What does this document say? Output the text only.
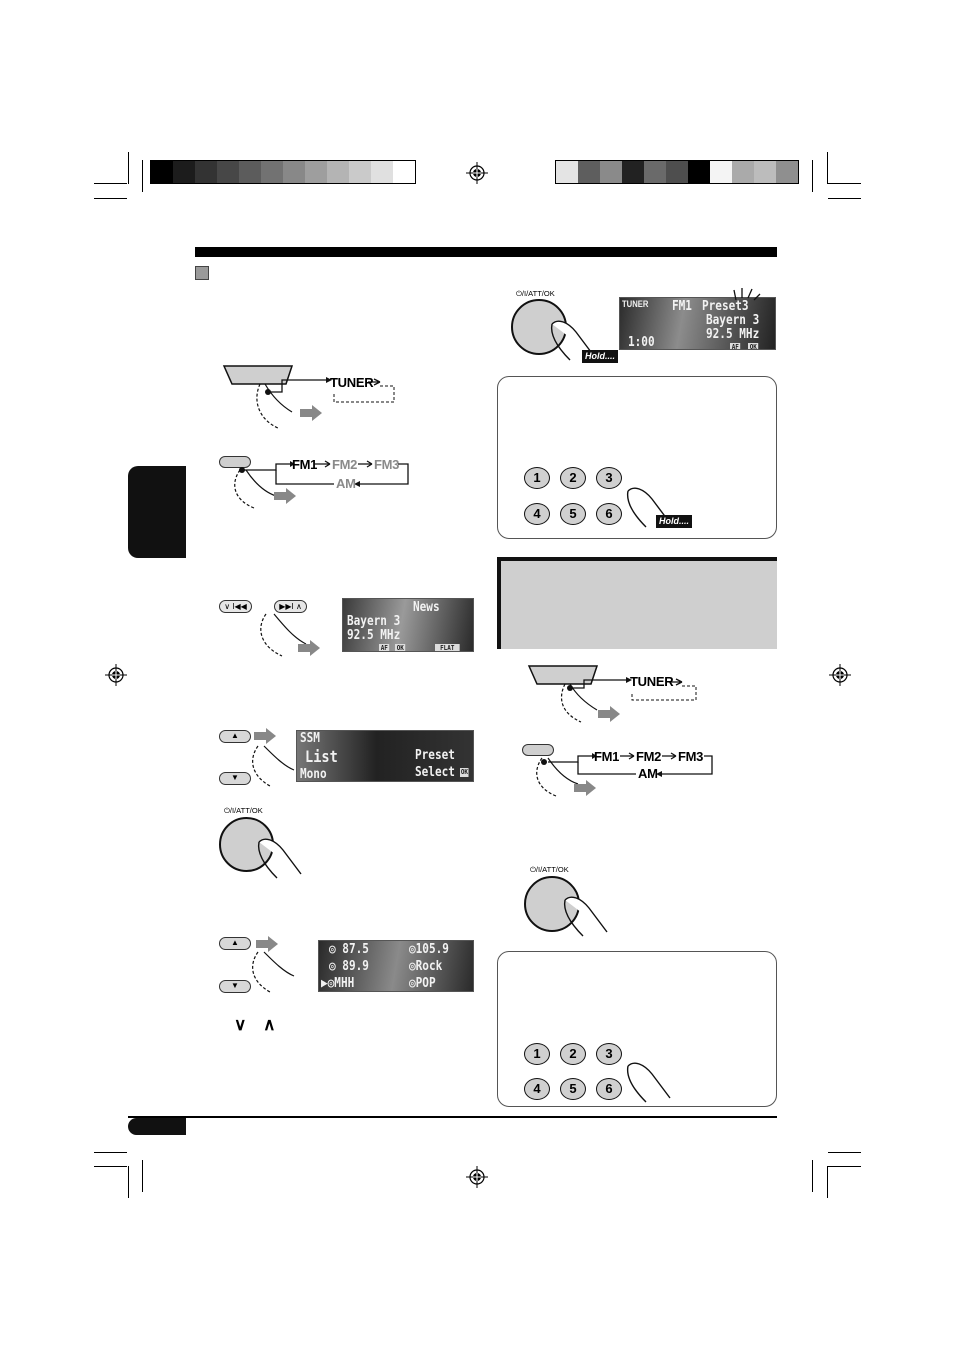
TUNER
FM1 FM2 FM3
AM
∨ I◀◀	▶▶I ∧	News
Bayern 3
92.5 MHz
AF OK	FLAT
▲
▼
SSM
List
Mono
Preset
Select OK
⏻/I/ATT/OK
▲
▼
◎ 87.5
◎ 89.9
▶◎MHH
◎105.9
◎Rock
◎POP
∨ ∧
⏻/I/ATT/OK
Hold....
TUNER FM1 Preset3
Bayern 3
92.5 MHz
1:00	AF OK
1	2	3
4	5	6	Hold....
TUNER
FM1 FM2 FM3
AM
⏻/I/ATT/OK
1	2	3
4	5	6
